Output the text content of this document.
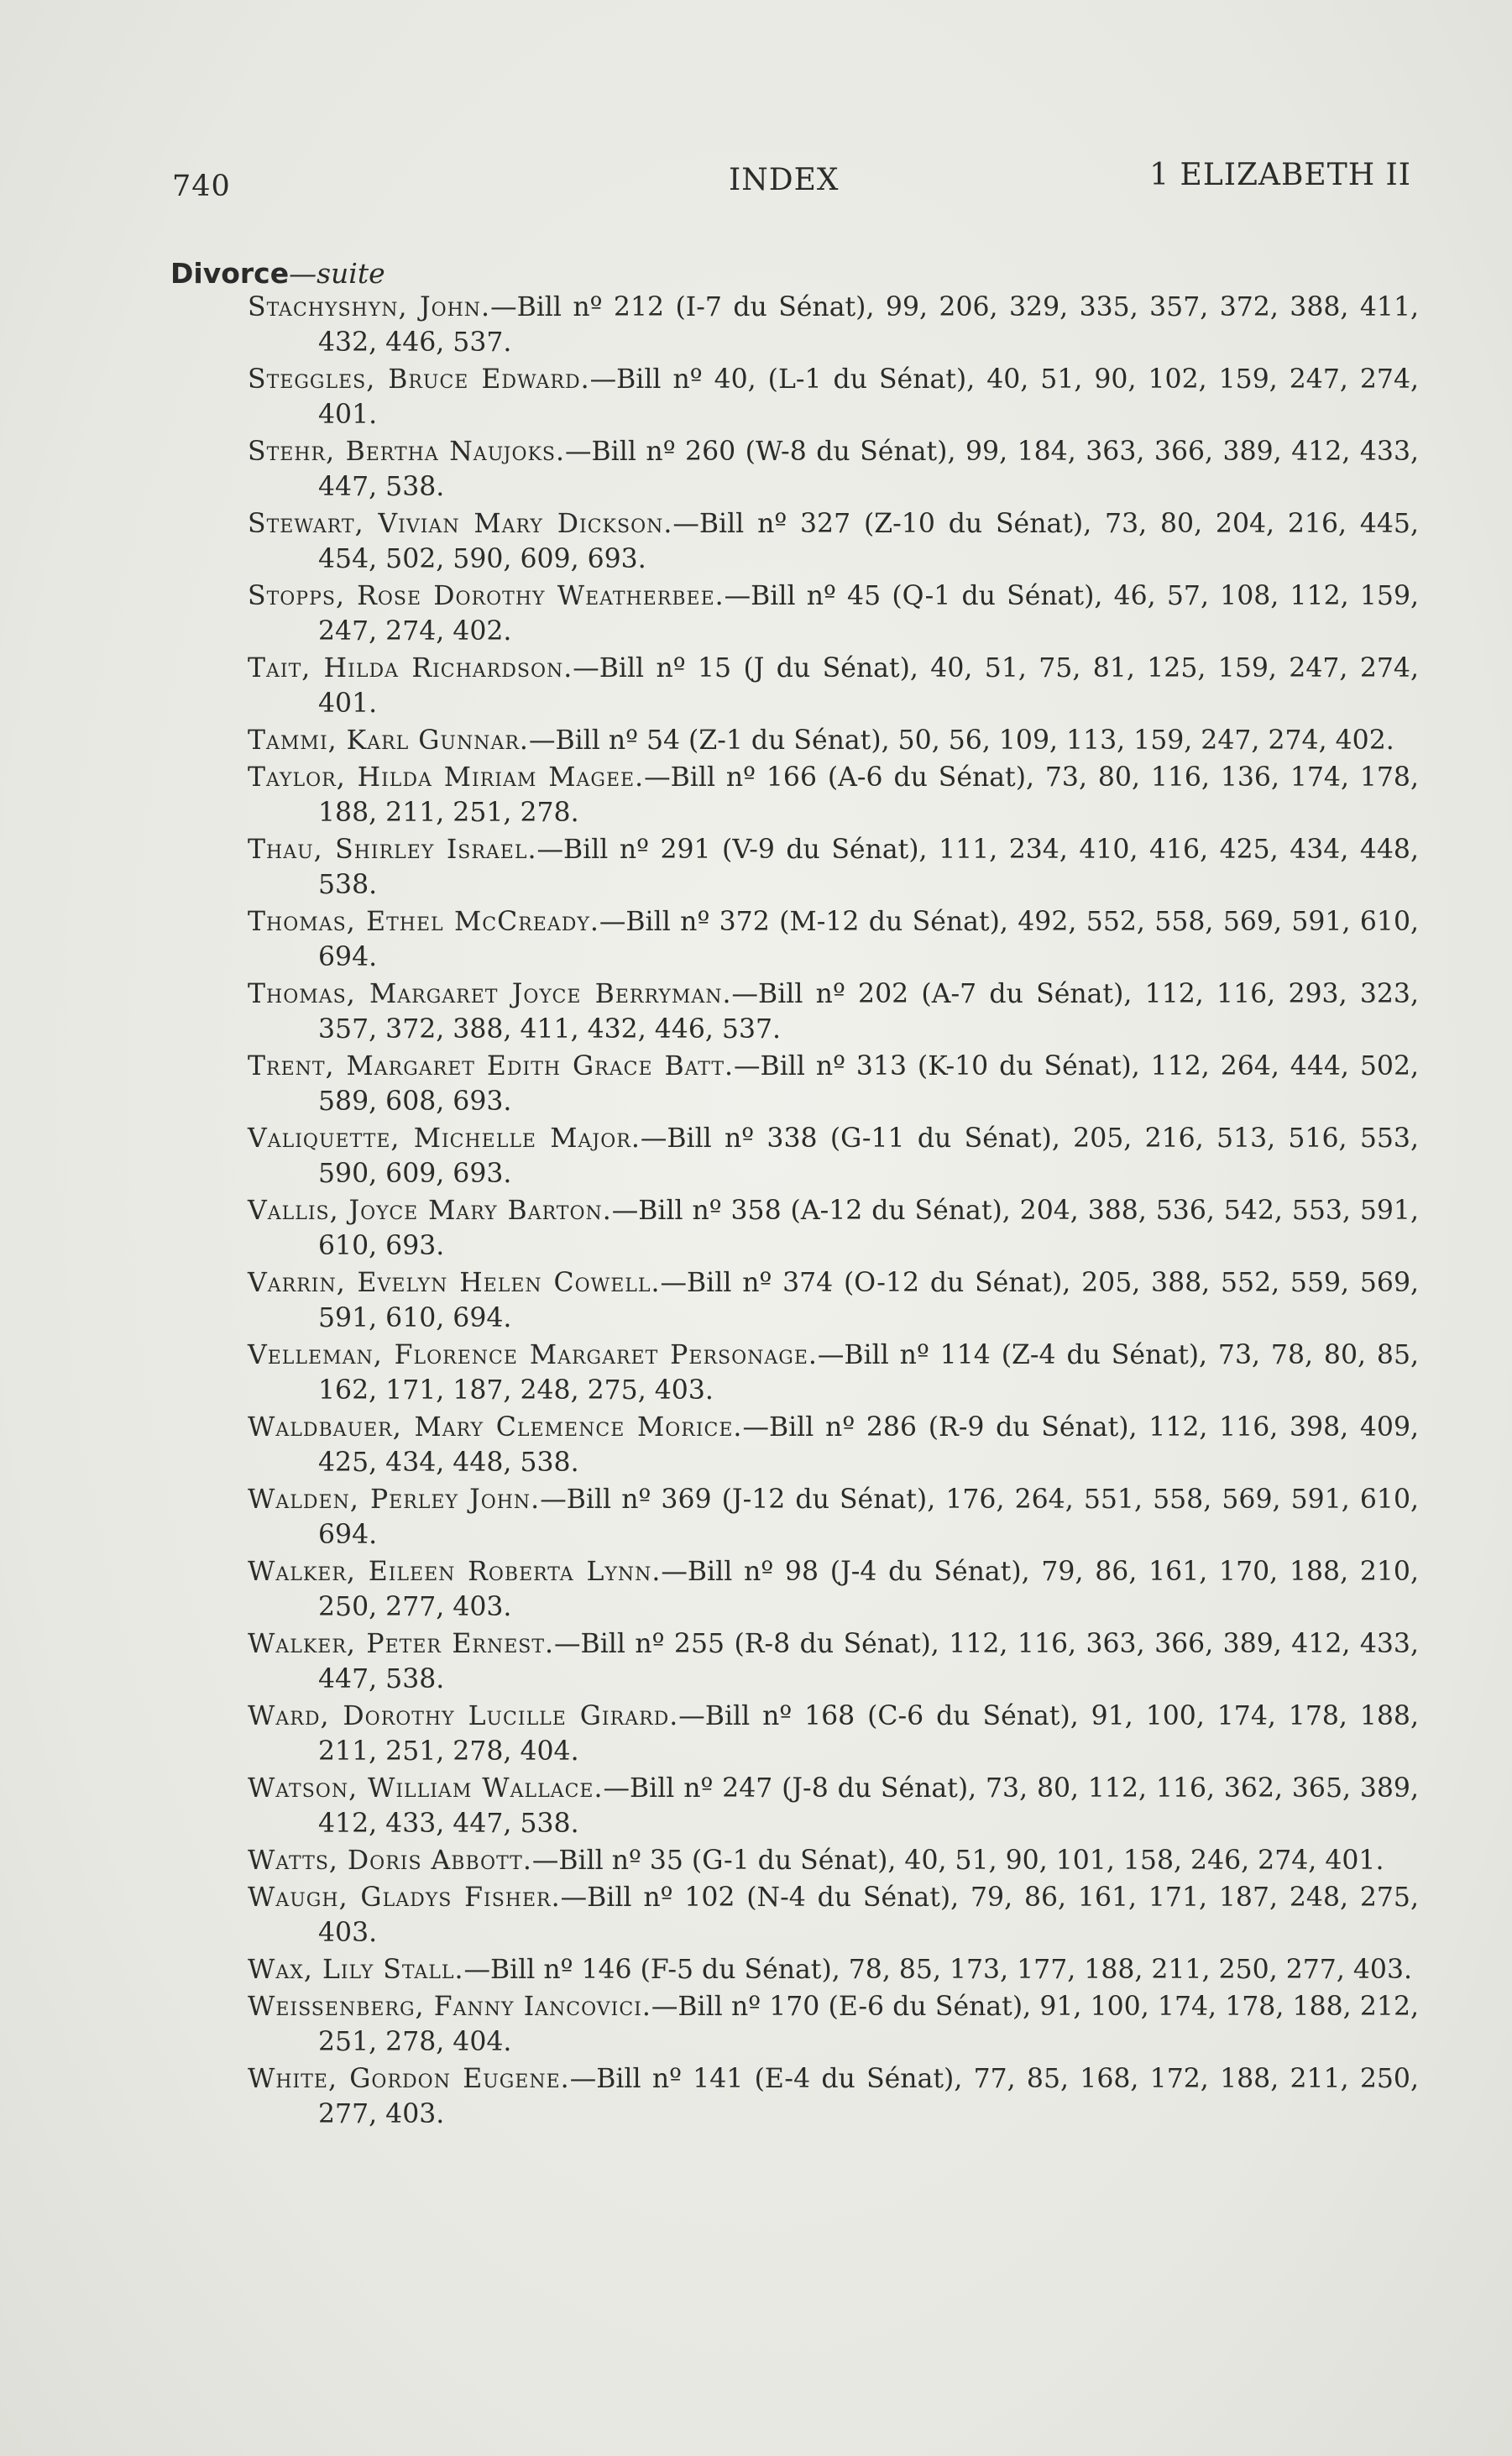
740	INDEX	1 ELIZABETH II
Divorce—suite
Stachyshyn, John.—Bill nº 212 (I-7 du Sénat), 99, 206, 329, 335, 357, 372, 388, 411, 432, 446, 537.
Steggles, Bruce Edward.—Bill nº 40, (L-1 du Sénat), 40, 51, 90, 102, 159, 247, 274, 401.
Stehr, Bertha Naujoks.—Bill nº 260 (W-8 du Sénat), 99, 184, 363, 366, 389, 412, 433, 447, 538.
Stewart, Vivian Mary Dickson.—Bill nº 327 (Z-10 du Sénat), 73, 80, 204, 216, 445, 454, 502, 590, 609, 693.
Stopps, Rose Dorothy Weatherbee.—Bill nº 45 (Q-1 du Sénat), 46, 57, 108, 112, 159, 247, 274, 402.
Tait, Hilda Richardson.—Bill nº 15 (J du Sénat), 40, 51, 75, 81, 125, 159, 247, 274, 401.
Tammi, Karl Gunnar.—Bill nº 54 (Z-1 du Sénat), 50, 56, 109, 113, 159, 247, 274, 402.
Taylor, Hilda Miriam Magee.—Bill nº 166 (A-6 du Sénat), 73, 80, 116, 136, 174, 178, 188, 211, 251, 278.
Thau, Shirley Israel.—Bill nº 291 (V-9 du Sénat), 111, 234, 410, 416, 425, 434, 448, 538.
Thomas, Ethel McCready.—Bill nº 372 (M-12 du Sénat), 492, 552, 558, 569, 591, 610, 694.
Thomas, Margaret Joyce Berryman.—Bill nº 202 (A-7 du Sénat), 112, 116, 293, 323, 357, 372, 388, 411, 432, 446, 537.
Trent, Margaret Edith Grace Batt.—Bill nº 313 (K-10 du Sénat), 112, 264, 444, 502, 589, 608, 693.
Valiquette, Michelle Major.—Bill nº 338 (G-11 du Sénat), 205, 216, 513, 516, 553, 590, 609, 693.
Vallis, Joyce Mary Barton.—Bill nº 358 (A-12 du Sénat), 204, 388, 536, 542, 553, 591, 610, 693.
Varrin, Evelyn Helen Cowell.—Bill nº 374 (O-12 du Sénat), 205, 388, 552, 559, 569, 591, 610, 694.
Velleman, Florence Margaret Personage.—Bill nº 114 (Z-4 du Sénat), 73, 78, 80, 85, 162, 171, 187, 248, 275, 403.
Waldbauer, Mary Clemence Morice.—Bill nº 286 (R-9 du Sénat), 112, 116, 398, 409, 425, 434, 448, 538.
Walden, Perley John.—Bill nº 369 (J-12 du Sénat), 176, 264, 551, 558, 569, 591, 610, 694.
Walker, Eileen Roberta Lynn.—Bill nº 98 (J-4 du Sénat), 79, 86, 161, 170, 188, 210, 250, 277, 403.
Walker, Peter Ernest.—Bill nº 255 (R-8 du Sénat), 112, 116, 363, 366, 389, 412, 433, 447, 538.
Ward, Dorothy Lucille Girard.—Bill nº 168 (C-6 du Sénat), 91, 100, 174, 178, 188, 211, 251, 278, 404.
Watson, William Wallace.—Bill nº 247 (J-8 du Sénat), 73, 80, 112, 116, 362, 365, 389, 412, 433, 447, 538.
Watts, Doris Abbott.—Bill nº 35 (G-1 du Sénat), 40, 51, 90, 101, 158, 246, 274, 401.
Waugh, Gladys Fisher.—Bill nº 102 (N-4 du Sénat), 79, 86, 161, 171, 187, 248, 275, 403.
Wax, Lily Stall.—Bill nº 146 (F-5 du Sénat), 78, 85, 173, 177, 188, 211, 250, 277, 403.
Weissenberg, Fanny Iancovici.—Bill nº 170 (E-6 du Sénat), 91, 100, 174, 178, 188, 212, 251, 278, 404.
White, Gordon Eugene.—Bill nº 141 (E-4 du Sénat), 77, 85, 168, 172, 188, 211, 250, 277, 403.
